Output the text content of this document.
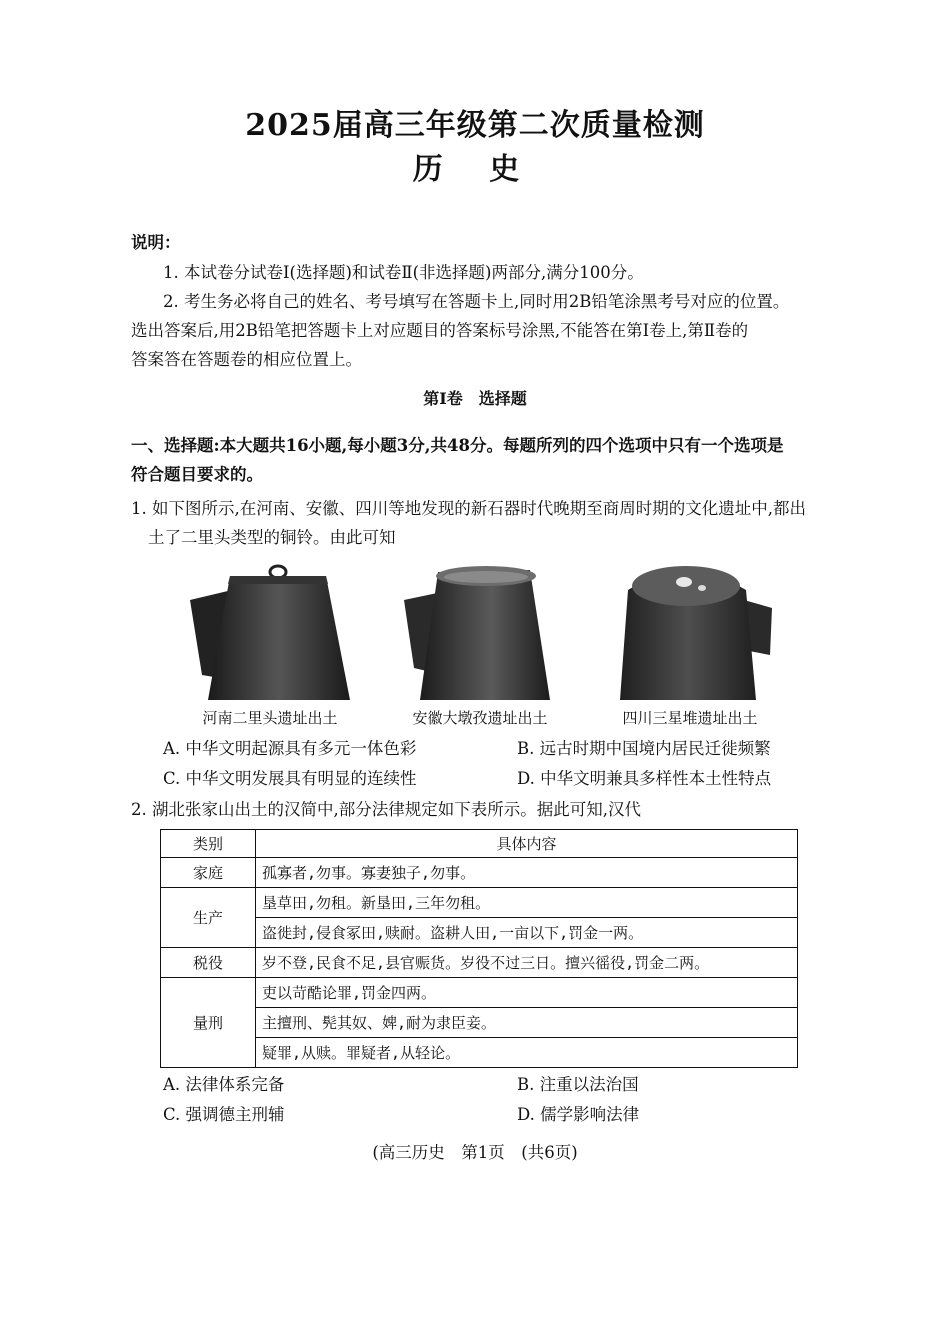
2025届高三年级第二次质量检测
历 史
说明：
1. 本试卷分试卷Ⅰ(选择题)和试卷Ⅱ(非选择题)两部分,满分100分。
2. 考生务必将自己的姓名、考号填写在答题卡上,同时用2B铅笔涂黑考号对应的位置。
选出答案后,用2B铅笔把答题卡上对应题目的答案标号涂黑,不能答在第Ⅰ卷上,第Ⅱ卷的
答案答在答题卷的相应位置上。
第Ⅰ卷　选择题
一、选择题:本大题共16小题,每小题3分,共48分。每题所列的四个选项中只有一个选项是
符合题目要求的。
1. 如下图所示,在河南、安徽、四川等地发现的新石器时代晚期至商周时期的文化遗址中,都出
土了二里头类型的铜铃。由此可知
河南二里头遗址出土	安徽大墩孜遗址出土	四川三星堆遗址出土
A. 中华文明起源具有多元一体色彩	B. 远古时期中国境内居民迁徙频繁
C. 中华文明发展具有明显的连续性	D. 中华文明兼具多样性本土性特点
2. 湖北张家山出土的汉简中,部分法律规定如下表所示。据此可知,汉代
类别	具体内容
家庭	孤寡者,勿事。寡妻独子,勿事。
生产	垦草田,勿租。新垦田,三年勿租。
	盗徙封,侵食冢田,赎耐。盗耕人田,一亩以下,罚金一两。
税役	岁不登,民食不足,县官赈货。岁役不过三日。擅兴徭役,罚金二两。
量刑	吏以苛酷论罪,罚金四两。
	主擅刑、髡其奴、婢,耐为隶臣妾。
	疑罪,从赎。罪疑者,从轻论。
A. 法律体系完备	B. 注重以法治国
C. 强调德主刑辅	D. 儒学影响法律
(高三历史　第1页　(共6页)
